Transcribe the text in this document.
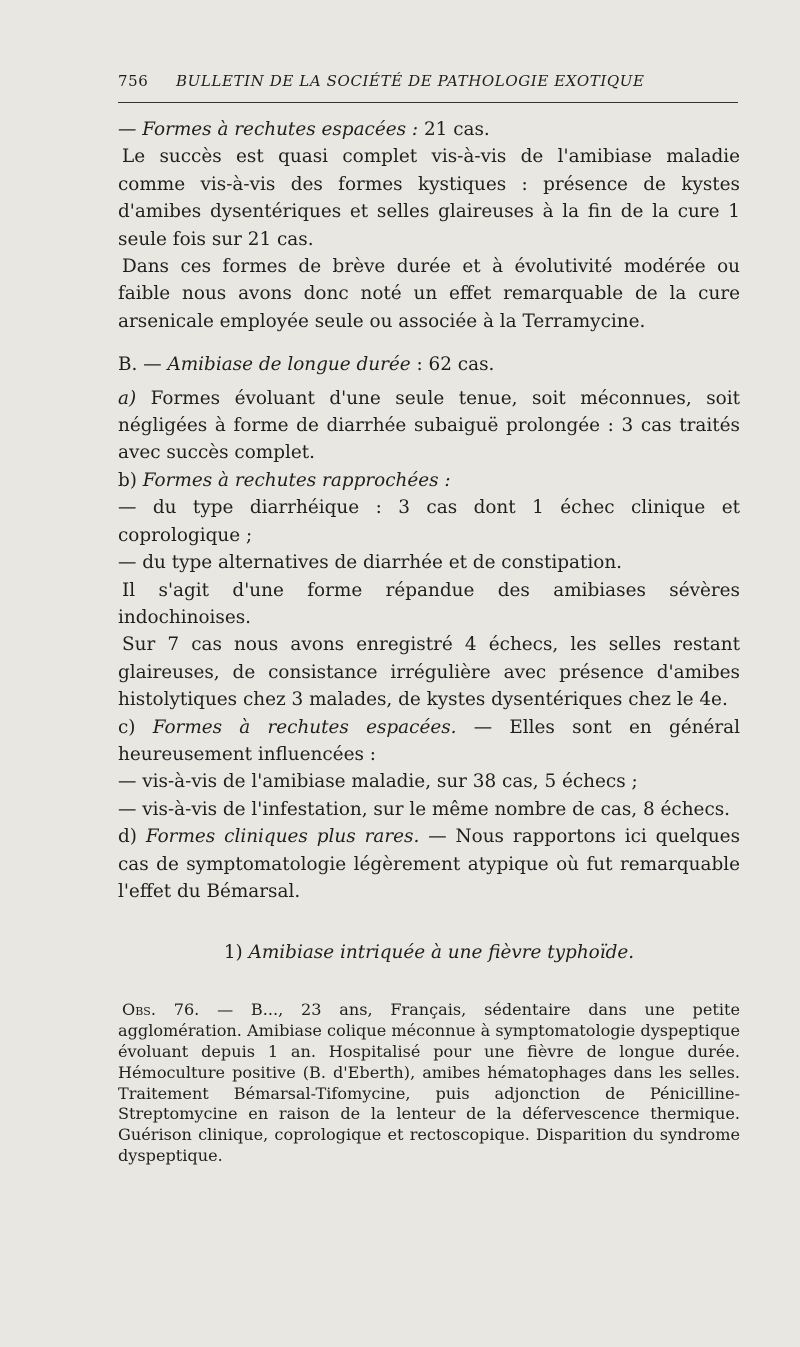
756	BULLETIN DE LA SOCIÉTÉ DE PATHOLOGIE EXOTIQUE

— Formes à rechutes espacées : 21 cas.

Le succès est quasi complet vis-à-vis de l'amibiase maladie comme vis-à-vis des formes kystiques : présence de kystes d'amibes dysentériques et selles glaireuses à la fin de la cure 1 seule fois sur 21 cas.

Dans ces formes de brève durée et à évolutivité modérée ou faible nous avons donc noté un effet remarquable de la cure arsenicale employée seule ou associée à la Terramycine.

B. — Amibiase de longue durée : 62 cas.

a) Formes évoluant d'une seule tenue, soit méconnues, soit négligées à forme de diarrhée subaiguë prolongée : 3 cas traités avec succès complet.

b) Formes à rechutes rapprochées :

— du type diarrhéique : 3 cas dont 1 échec clinique et coprologique ;

— du type alternatives de diarrhée et de constipation.

Il s'agit d'une forme répandue des amibiases sévères indochinoises.

Sur 7 cas nous avons enregistré 4 échecs, les selles restant glaireuses, de consistance irrégulière avec présence d'amibes histolytiques chez 3 malades, de kystes dysentériques chez le 4e.

c) Formes à rechutes espacées. — Elles sont en général heureusement influencées :

— vis-à-vis de l'amibiase maladie, sur 38 cas, 5 échecs ;

— vis-à-vis de l'infestation, sur le même nombre de cas, 8 échecs.

d) Formes cliniques plus rares. — Nous rapportons ici quelques cas de symptomatologie légèrement atypique où fut remarquable l'effet du Bémarsal.

1) Amibiase intriquée à une fièvre typhoïde.

Obs. 76. — B..., 23 ans, Français, sédentaire dans une petite agglomération. Amibiase colique méconnue à symptomatologie dyspeptique évoluant depuis 1 an. Hospitalisé pour une fièvre de longue durée. Hémoculture positive (B. d'Eberth), amibes hématophages dans les selles. Traitement Bémarsal-Tifomycine, puis adjonction de Pénicilline-Streptomycine en raison de la lenteur de la défervescence thermique. Guérison clinique, coprologique et rectoscopique. Disparition du syndrome dyspeptique.
